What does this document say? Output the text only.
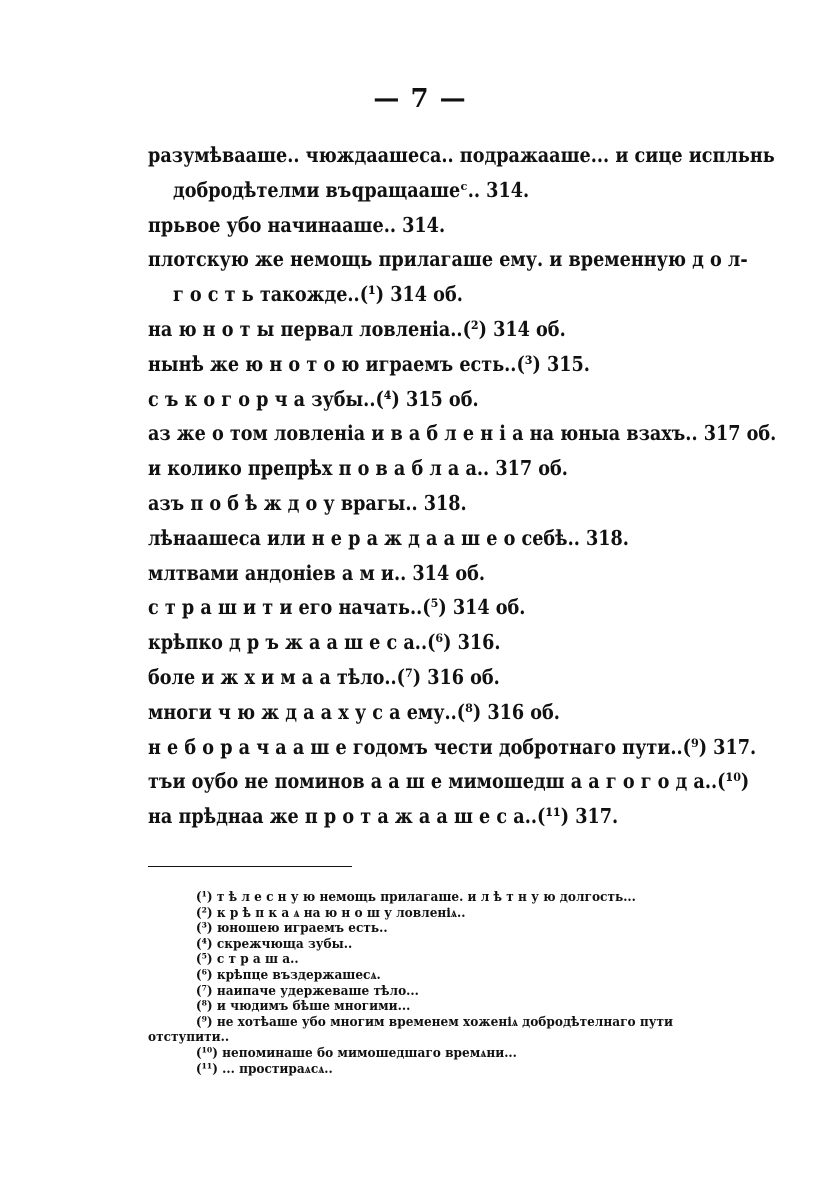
— 7 —
разумѣвааше.. чюждаашеса.. подражааше... и сице испльнь
добродѣтелми въզращаашеᶜ.. 314.
прьвое убо начинааше.. 314.
плотскую же немощь прилагаше ему. и временную д о л-
г о с т ь такожде..(¹) 314 об.
на ю н о т ы первал ловленіа..(²) 314 об.
нынѣ же ю н о т о ю играемъ есть..(³) 315.
с ъ к о г о р ч а зубы..(⁴) 315 об.
аз же о том ловленіа и в а б л е н і а на юныа взахъ.. 317 об.
и колико препрѣх п о в а б л а а.. 317 об.
азъ п о б ѣ ж д о у врагы.. 318.
лѣнаашеса или н е р а ж д а а ш е о себѣ.. 318.
млтвами андоніев а м и.. 314 об.
с т р а ш и т и его начать..(⁵) 314 об.
крѣпко д р ъ ж а а ш е с а..(⁶) 316.
боле и ж х и м а а тѣло..(⁷) 316 об.
многи ч ю ж д а а х у с а ему..(⁸) 316 об.
н е б о р а ч а а ш е годомъ чести добротнаго пути..(⁹) 317.
тъи оубо не поминов а а ш е мимошедш а а г о г о д а..(¹⁰)
на прѣднаа же п р о т а ж а а ш е с а..(¹¹) 317.
(¹) т ѣ л е с н у ю немощь прилагаше. и л ѣ т н у ю долгость...
(²) к р ѣ п к а ѧ на ю н о ш у ловленіѧ..
(³) юношею играемъ есть..
(⁴) скрежчюща зубы..
(⁵) с т р а ш а..
(⁶) крѣпце въздержашесѧ.
(⁷) наипаче удержеваше тѣло...
(⁸) и чюдимъ бѣше многими...
(⁹) не хотѣаше убо многим временем хоженіѧ добродѣтелнаго пути
отступити..
(¹⁰) непоминаше бо мимошедшаго времѧни...
(¹¹) ... простираѧсѧ..
